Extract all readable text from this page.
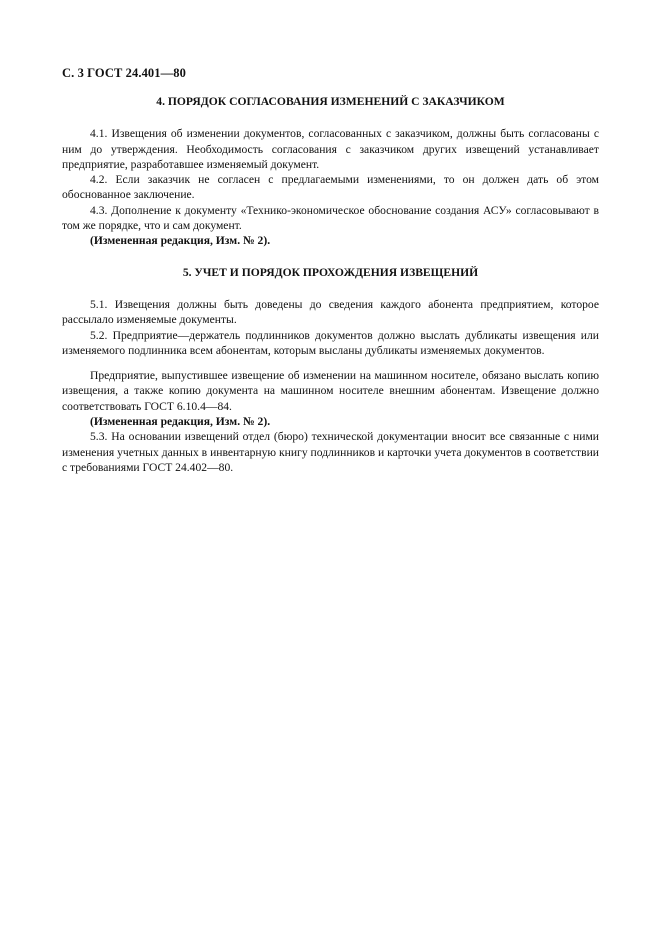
С. 3 ГОСТ 24.401—80
4. ПОРЯДОК СОГЛАСОВАНИЯ ИЗМЕНЕНИЙ С ЗАКАЗЧИКОМ

4.1. Извещения об изменении документов, согласованных с заказчиком, должны быть согласованы с ним до утверждения. Необходимость согласования с заказчиком других извещений устанавливает предприятие, разработавшее изменяемый документ.

4.2. Если заказчик не согласен с предлагаемыми изменениями, то он должен дать об этом обоснованное заключение.

4.3. Дополнение к документу «Технико-экономическое обоснование создания АСУ» согласовывают в том же порядке, что и сам документ.

(Измененная редакция, Изм. № 2).

5. УЧЕТ И ПОРЯДОК ПРОХОЖДЕНИЯ ИЗВЕЩЕНИЙ

5.1. Извещения должны быть доведены до сведения каждого абонента предприятием, которое рассылало изменяемые документы.

5.2. Предприятие—держатель подлинников документов должно выслать дубликаты извещения или изменяемого подлинника всем абонентам, которым высланы дубликаты изменяемых документов.

Предприятие, выпустившее извещение об изменении на машинном носителе, обязано выслать копию извещения, а также копию документа на машинном носителе внешним абонентам. Извещение должно соответствовать ГОСТ 6.10.4—84.

(Измененная редакция, Изм. № 2).

5.3. На основании извещений отдел (бюро) технической документации вносит все связанные с ними изменения учетных данных в инвентарную книгу подлинников и карточки учета документов в соответствии с требованиями ГОСТ 24.402—80.
